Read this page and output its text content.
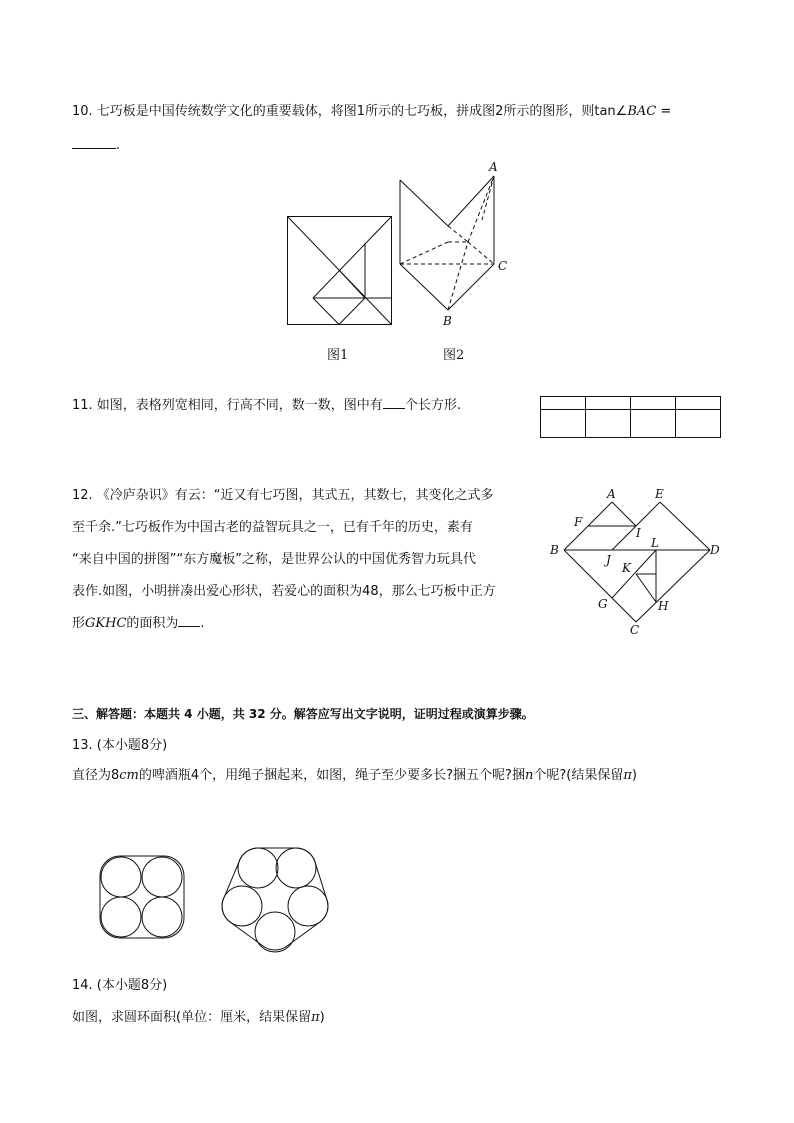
10. 七巧板是中国传统数学文化的重要载体，将图1所示的七巧板，拼成图2所示的图形，则tan∠BAC =
.
图1
A
C
B
图2
11. 如图，表格列宽相同，行高不同，数一数，图中有 个长方形.

12. 《冷庐杂识》有云：“近又有七巧图，其式五，其数七，其变化之式多
至千余.”七巧板作为中国古老的益智玩具之一，已有千年的历史，素有
“来自中国的拼图”“东方魔板”之称，是世界公认的中国优秀智力玩具代
表作.如图，小明拼凑出爱心形状，若爱心的面积为48，那么七巧板中正方
形GKHC的面积为 .
A	E
F
I
B	L	D
J
K
G	H
C
三、解答题：本题共 4 小题，共 32 分。解答应写出文字说明，证明过程或演算步骤。
13. (本小题8分)
直径为8cm的啤酒瓶4个，用绳子捆起来，如图，绳子至少要多长?捆五个呢?捆n个呢?(结果保留π)
14. (本小题8分)
如图，求圆环面积(单位：厘米，结果保留π)
